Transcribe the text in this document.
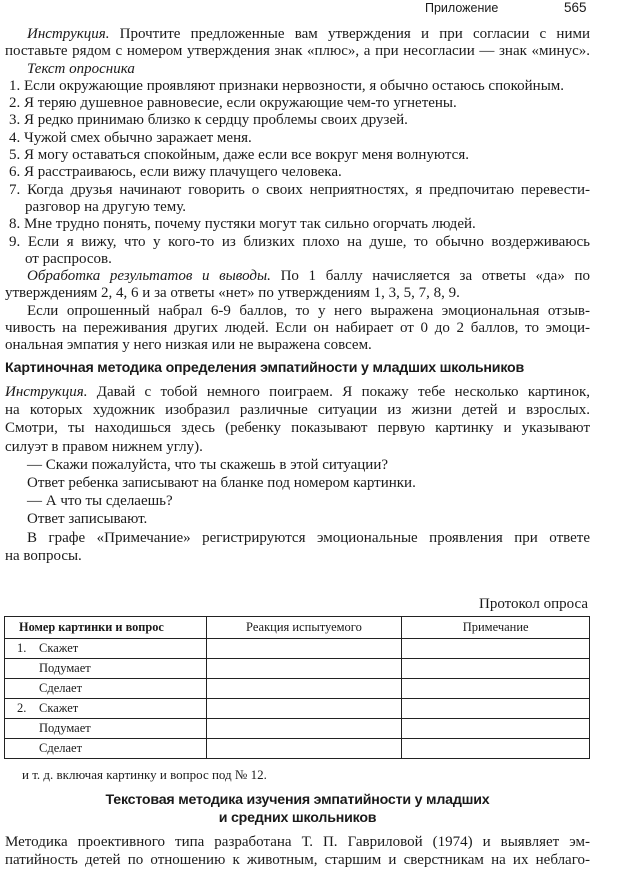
Приложение	565
Инструкция. Прочтите предложенные вам утверждения и при согласии с ними
поставьте рядом с номером утверждения знак «плюс», а при несогласии — знак «минус».
Текст опросника
1. Если окружающие проявляют признаки нервозности, я обычно остаюсь спокойным.
2. Я теряю душевное равновесие, если окружающие чем-то угнетены.
3. Я редко принимаю близко к сердцу проблемы своих друзей.
4. Чужой смех обычно заражает меня.
5. Я могу оставаться спокойным, даже если все вокруг меня волнуются.
6. Я расстраиваюсь, если вижу плачущего человека.
7. Когда друзья начинают говорить о своих неприятностях, я предпочитаю перевести-
разговор на другую тему.
8. Мне трудно понять, почему пустяки могут так сильно огорчать людей.
9. Если я вижу, что у кого-то из близких плохо на душе, то обычно воздерживаюсь
от распросов.
Обработка результатов и выводы. По 1 баллу начисляется за ответы «да» по
утверждениям 2, 4, 6 и за ответы «нет» по утверждениям 1, 3, 5, 7, 8, 9.
Если опрошенный набрал 6-9 баллов, то у него выражена эмоциональная отзыв-
чивость на переживания других людей. Если он набирает от 0 до 2 баллов, то эмоци-
ональная эмпатия у него низкая или не выражена совсем.
Картиночная методика определения эмпатийности у младших школьников
Инструкция. Давай с тобой немного поиграем. Я покажу тебе несколько картинок,
на которых художник изобразил различные ситуации из жизни детей и взрослых.
Смотри, ты находишься здесь (ребенку показывают первую картинку и указывают
силуэт в правом нижнем углу).
— Скажи пожалуйста, что ты скажешь в этой ситуации?
Ответ ребенка записывают на бланке под номером картинки.
— А что ты сделаешь?
Ответ записывают.
В графе «Примечание» регистрируются эмоциональные проявления при ответе
на вопросы.
Протокол опроса
Номер картинки и вопрос	Реакция испытуемого	Примечание
1. Скажет		
Подумает		
Сделает		
2. Скажет		
Подумает		
Сделает		
и т. д. включая картинку и вопрос под № 12.
Текстовая методика изучения эмпатийности у младших
и средних школьников
Методика проективного типа разработана Т. П. Гавриловой (1974) и выявляет эм-
патийность детей по отношению к животным, старшим и сверстникам на их неблаго-
